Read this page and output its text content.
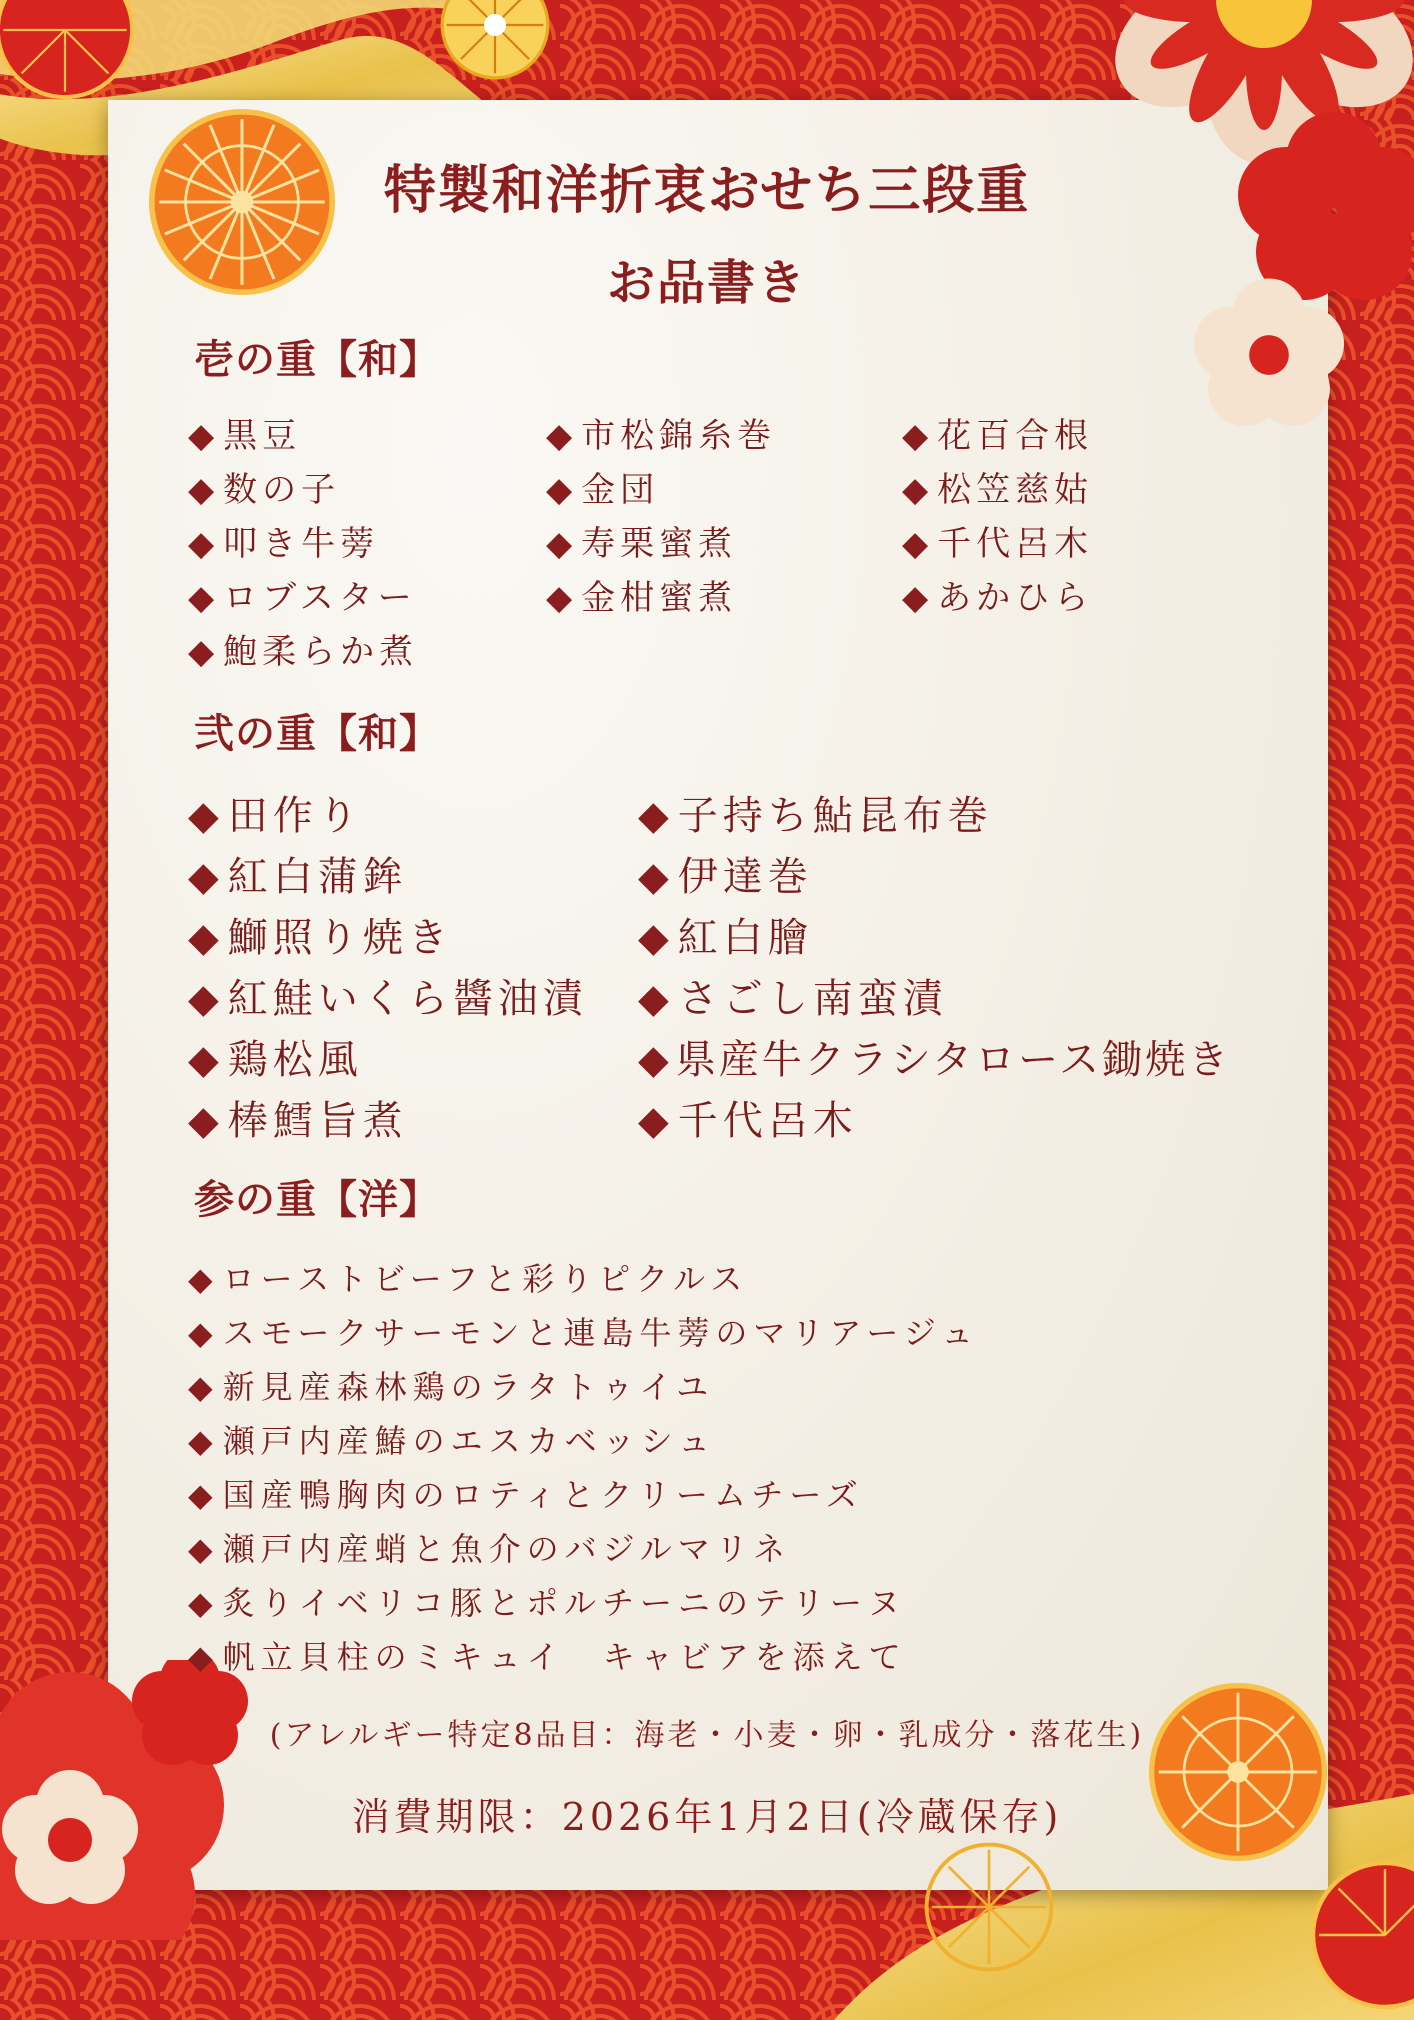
特製和洋折衷おせち三段重
お品書き
壱の重【和】
◆ 黒豆	◆ 市松錦糸巻	◆ 花百合根
◆ 数の子	◆ 金団	◆ 松笠慈姑
◆ 叩き牛蒡	◆ 寿栗蜜煮	◆ 千代呂木
◆ ロブスター	◆ 金柑蜜煮	◆ あかひら
◆ 鮑柔らか煮
弐の重【和】
◆ 田作り	◆ 子持ち鮎昆布巻
◆ 紅白蒲鉾	◆ 伊達巻
◆ 鰤照り焼き	◆ 紅白膾
◆ 紅鮭いくら醬油漬 ◆ さごし南蛮漬
◆ 鶏松風	◆ 県産牛クラシタロース鋤焼き
◆ 棒鱈旨煮	◆ 千代呂木
参の重【洋】
◆ ローストビーフと彩りピクルス
◆ スモークサーモンと連島牛蒡のマリアージュ
◆ 新見産森林鶏のラタトゥイユ
◆ 瀬戸内産鰆のエスカベッシュ
◆ 国産鴨胸肉のロティとクリームチーズ
◆ 瀬戸内産蛸と魚介のバジルマリネ
◆ 炙りイベリコ豚とポルチーニのテリーヌ
◆ 帆立貝柱のミキュイ　キャビアを添えて
(アレルギー特定8品目：海老・小麦・卵・乳成分・落花生)
消費期限：2026年1月2日(冷蔵保存)
